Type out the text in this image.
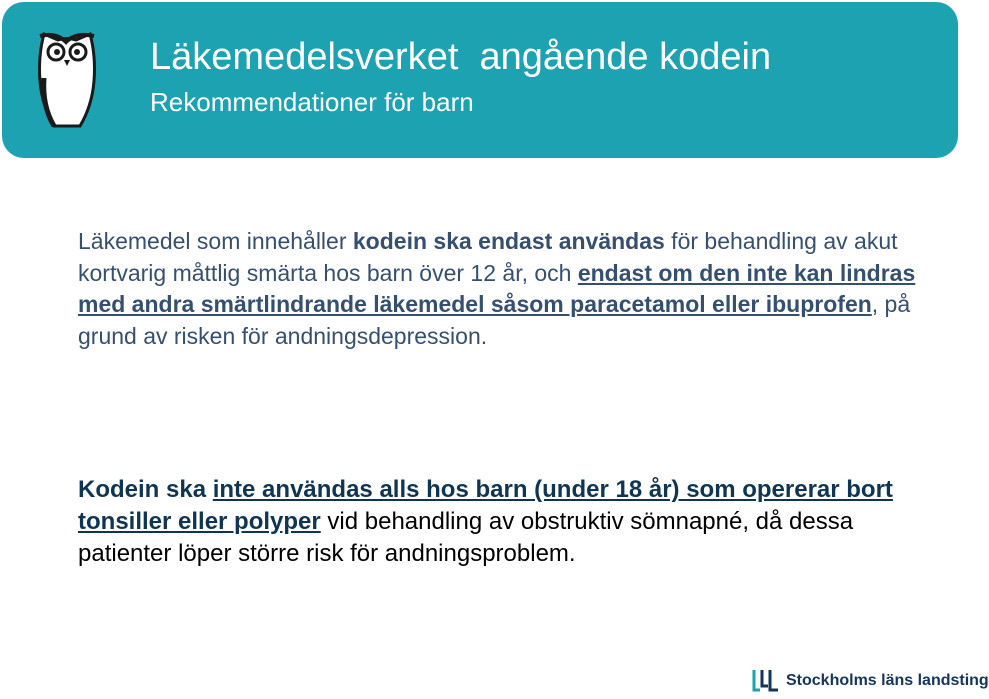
Läkemedelsverket  angående kodein
Rekommendationer för barn
Läkemedel som innehåller kodein ska endast användas för behandling av akut kortvarig måttlig smärta hos barn över 12 år, och endast om den inte kan lindras med andra smärtlindrande läkemedel såsom paracetamol eller ibuprofen, på grund av risken för andningsdepression.
Kodein ska inte användas alls hos barn (under 18 år) som opererar bort tonsiller eller polyper vid behandling av obstruktiv sömnapné, då dessa patienter löper större risk för andningsproblem.
Stockholms läns landsting
